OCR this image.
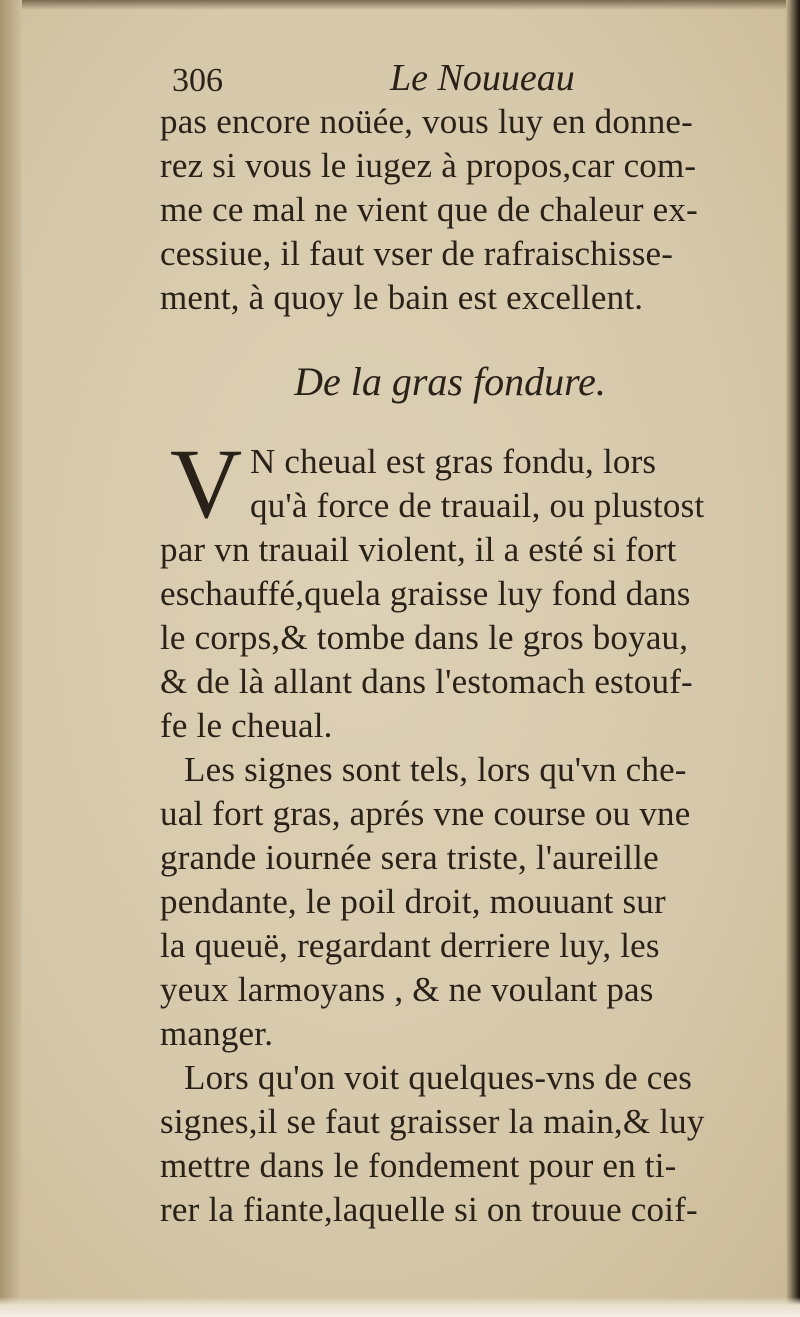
306	Le Nouueau
pas encore noüée, vous luy en donne-
rez si vous le iugez à propos,car com-
me ce mal ne vient que de chaleur ex-
cessiue, il faut vser de rafraischisse-
ment, à quoy le bain est excellent.
De la gras fondure.
V N cheual est gras fondu, lors
qu'à force de trauail, ou plustost
par vn trauail violent, il a esté si fort
eschauffé,quela graisse luy fond dans
le corps,& tombe dans le gros boyau,
& de là allant dans l'estomach estouf-
fe le cheual.
Les signes sont tels, lors qu'vn che-
ual fort gras, aprés vne course ou vne
grande iournée sera triste, l'aureille
pendante, le poil droit, mouuant sur
la queuë, regardant derriere luy, les
yeux larmoyans , & ne voulant pas
manger.
Lors qu'on voit quelques-vns de ces
signes,il se faut graisser la main,& luy
mettre dans le fondement pour en ti-
rer la fiante,laquelle si on trouue coif-
